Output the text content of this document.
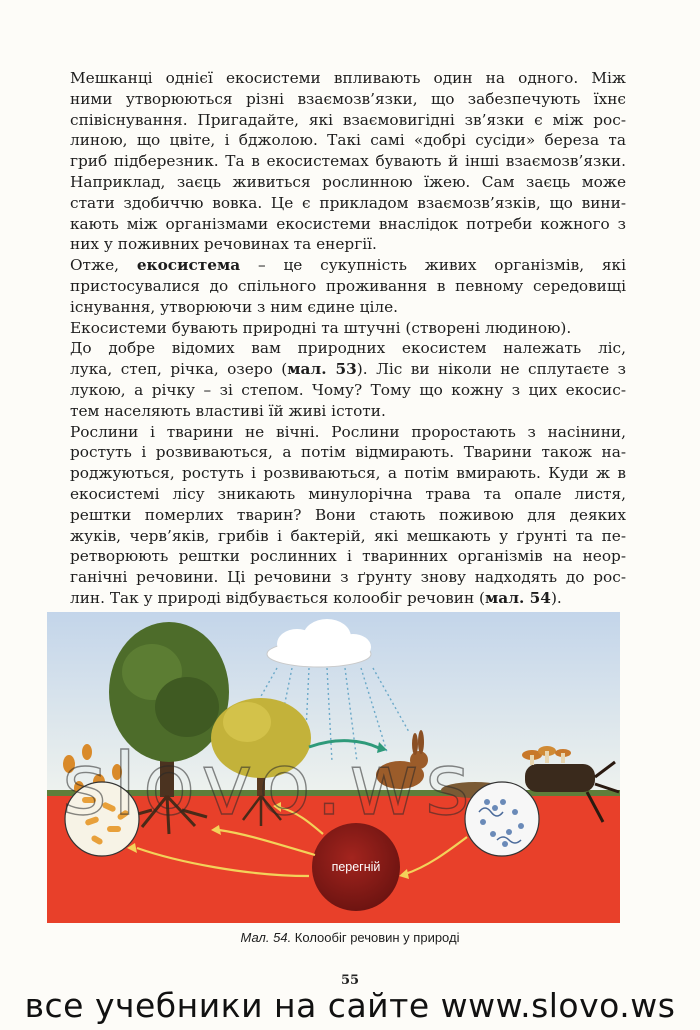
Мешканці однієї екосистеми впливають один на одного. Між
ними утворюються різні взаємозв’язки, що забезпечують їхнє
співіснування. Пригадайте, які взаємовигідні зв’язки є між рос-
линою, що цвіте, і бджолою. Такі самі «добрі сусіди» береза та
гриб підберезник. Та в екосистемах бувають й інші взаємозв’язки.
Наприклад, заєць живиться рослинною їжею. Сам заєць може
стати здобиччю вовка. Це є прикладом взаємозв’язків, що вини-
кають між організмами екосистеми внаслідок потреби кожного з
них у поживних речовинах та енергії.

Отже, екосистема – це сукупність живих організмів, які
пристосувалися до спільного проживання в певному середовищі
існування, утворюючи з ним єдине ціле.

Екосистеми бувають природні та штучні (створені людиною).

До добре відомих вам природних екосистем належать ліс,
лука, степ, річка, озеро (мал. 53). Ліс ви ніколи не сплутаєте з
лукою, а річку – зі степом. Чому? Тому що кожну з цих екосис-
тем населяють властиві їй живі істоти.

Рослини і тварини не вічні. Рослини проростають з насінини,
ростуть і розвиваються, а потім відмирають. Тварини також на-
роджуються, ростуть і розвиваються, а потім вмирають. Куди ж в
екосистемі лісу зникають минулорічна трава та опале листя,
рештки померлих тварин? Вони стають поживою для деяких
жуків, черв’яків, грибів і бактерій, які мешкають у ґрунті та пе-
ретворюють рештки рослинних і тваринних організмів на неор-
ганічні речовини. Ці речовини з ґрунту знову надходять до рос-
лин. Так у природі відбувається колообіг речовин (мал. 54).

перегній
Мал. 54. Колообіг речовин у природі
55
все учебники на сайте www.slovo.ws
